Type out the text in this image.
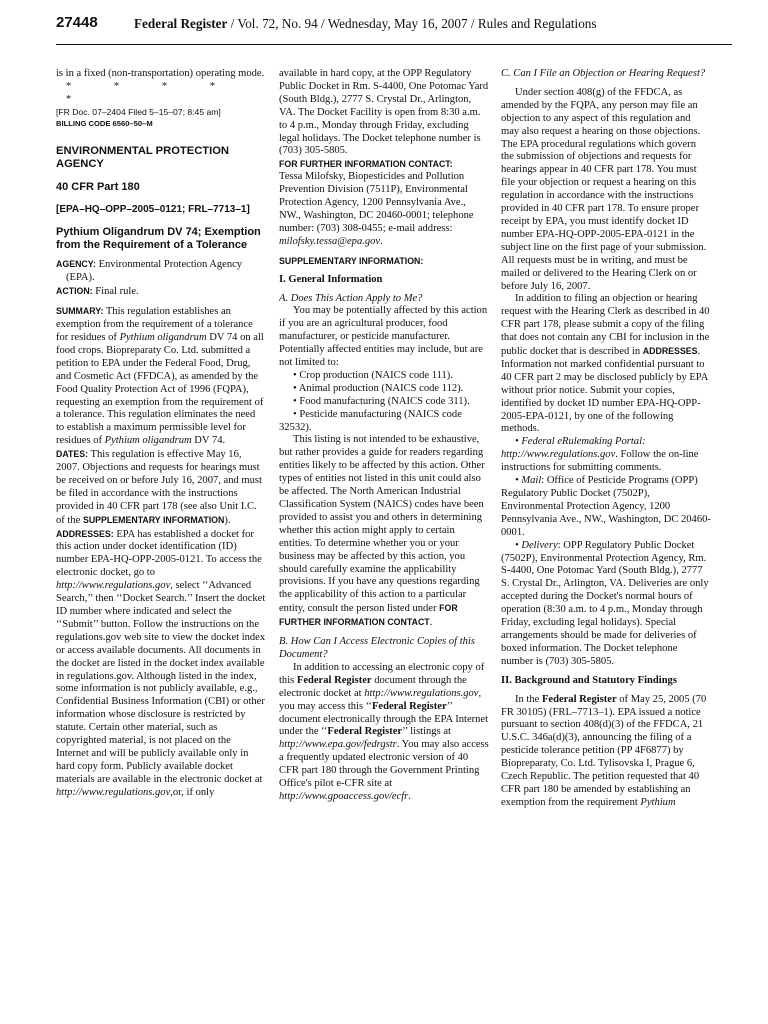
27448	Federal Register / Vol. 72, No. 94 / Wednesday, May 16, 2007 / Rules and Regulations

is in a fixed (non-transportation) operating mode.

* * * * *

[FR Doc. 07–2404 Filed 5–15–07; 8:45 am]

BILLING CODE 6560–50–M

ENVIRONMENTAL PROTECTION AGENCY

40 CFR Part 180

[EPA–HQ–OPP–2005–0121; FRL–7713–1]

Pythium Oligandrum DV 74; Exemption from the Requirement of a Tolerance

AGENCY: Environmental Protection Agency (EPA).

ACTION: Final rule.

SUMMARY: This regulation establishes an exemption from the requirement of a tolerance for residues of Pythium oligandrum DV 74 on all food crops. Biopreparaty Co. Ltd. submitted a petition to EPA under the Federal Food, Drug, and Cosmetic Act (FFDCA), as amended by the Food Quality Protection Act of 1996 (FQPA), requesting an exemption from the requirement of a tolerance. This regulation eliminates the need to establish a maximum permissible level for residues of Pythium oligandrum DV 74.

DATES: This regulation is effective May 16, 2007. Objections and requests for hearings must be received on or before July 16, 2007, and must be filed in accordance with the instructions provided in 40 CFR part 178 (see also Unit I.C. of the SUPPLEMENTARY INFORMATION).

ADDRESSES: EPA has established a docket for this action under docket identification (ID) number EPA-HQ-OPP-2005-0121. To access the electronic docket, go to http://www.regulations.gov, select ‘‘Advanced Search,’’ then ‘‘Docket Search.’’ Insert the docket ID number where indicated and select the ‘‘Submit’’ button. Follow the instructions on the regulations.gov web site to view the docket index or access available documents. All documents in the docket are listed in the docket index available in regulations.gov. Although listed in the index, some information is not publicly available, e.g., Confidential Business Information (CBI) or other information whose disclosure is restricted by statute. Certain other material, such as copyrighted material, is not placed on the Internet and will be publicly available only in hard copy form. Publicly available docket materials are available in the electronic docket at http://www.regulations.gov,or, if only

available in hard copy, at the OPP Regulatory Public Docket in Rm. S-4400, One Potomac Yard (South Bldg.), 2777 S. Crystal Dr., Arlington, VA. The Docket Facility is open from 8:30 a.m. to 4 p.m., Monday through Friday, excluding legal holidays. The Docket telephone number is (703) 305-5805.

FOR FURTHER INFORMATION CONTACT:

Tessa Milofsky, Biopesticides and Pollution Prevention Division (7511P), Environmental Protection Agency, 1200 Pennsylvania Ave., NW., Washington, DC 20460-0001; telephone number: (703) 308-0455; e-mail address: milofsky.tessa@epa.gov.

SUPPLEMENTARY INFORMATION:

I. General Information

A. Does This Action Apply to Me?

You may be potentially affected by this action if you are an agricultural producer, food manufacturer, or pesticide manufacturer. Potentially affected entities may include, but are not limited to:

• Crop production (NAICS code 111).

• Animal production (NAICS code 112).

• Food manufacturing (NAICS code 311).

• Pesticide manufacturing (NAICS code 32532).

This listing is not intended to be exhaustive, but rather provides a guide for readers regarding entities likely to be affected by this action. Other types of entities not listed in this unit could also be affected. The North American Industrial Classification System (NAICS) codes have been provided to assist you and others in determining whether this action might apply to certain entities. To determine whether you or your business may be affected by this action, you should carefully examine the applicability provisions. If you have any questions regarding the applicability of this action to a particular entity, consult the person listed under FOR FURTHER INFORMATION CONTACT.

B. How Can I Access Electronic Copies of this Document?

In addition to accessing an electronic copy of this Federal Register document through the electronic docket at http://www.regulations.gov, you may access this ‘‘Federal Register’’ document electronically through the EPA Internet under the ‘‘Federal Register’’ listings at http://www.epa.gov/fedrgstr. You may also access a frequently updated electronic version of 40 CFR part 180 through the Government Printing Office's pilot e-CFR site at http://www.gpoaccess.gov/ecfr.

C. Can I File an Objection or Hearing Request?

Under section 408(g) of the FFDCA, as amended by the FQPA, any person may file an objection to any aspect of this regulation and may also request a hearing on those objections. The EPA procedural regulations which govern the submission of objections and requests for hearings appear in 40 CFR part 178. You must file your objection or request a hearing on this regulation in accordance with the instructions provided in 40 CFR part 178. To ensure proper receipt by EPA, you must identify docket ID number EPA-HQ-OPP-2005-EPA-0121 in the subject line on the first page of your submission. All requests must be in writing, and must be mailed or delivered to the Hearing Clerk on or before July 16, 2007.

In addition to filing an objection or hearing request with the Hearing Clerk as described in 40 CFR part 178, please submit a copy of the filing that does not contain any CBI for inclusion in the public docket that is described in ADDRESSES. Information not marked confidential pursuant to 40 CFR part 2 may be disclosed publicly by EPA without prior notice. Submit your copies, identified by docket ID number EPA-HQ-OPP-2005-EPA-0121, by one of the following methods.

• Federal eRulemaking Portal: http://www.regulations.gov. Follow the on-line instructions for submitting comments.

• Mail: Office of Pesticide Programs (OPP) Regulatory Public Docket (7502P), Environmental Protection Agency, 1200 Pennsylvania Ave., NW., Washington, DC 20460-0001.

• Delivery: OPP Regulatory Public Docket (7502P), Environmental Protection Agency, Rm. S-4400, One Potomac Yard (South Bldg.), 2777 S. Crystal Dr., Arlington, VA. Deliveries are only accepted during the Docket's normal hours of operation (8:30 a.m. to 4 p.m., Monday through Friday, excluding legal holidays). Special arrangements should be made for deliveries of boxed information. The Docket telephone number is (703) 305-5805.

II. Background and Statutory Findings

In the Federal Register of May 25, 2005 (70 FR 30105) (FRL–7713–1). EPA issued a notice pursuant to section 408(d)(3) of the FFDCA, 21 U.S.C. 346a(d)(3), announcing the filing of a pesticide tolerance petition (PP 4F6877) by Biopreparaty, Co. Ltd. Tylisovska I, Prague 6, Czech Republic. The petition requested that 40 CFR part 180 be amended by establishing an exemption from the requirement Pythium
